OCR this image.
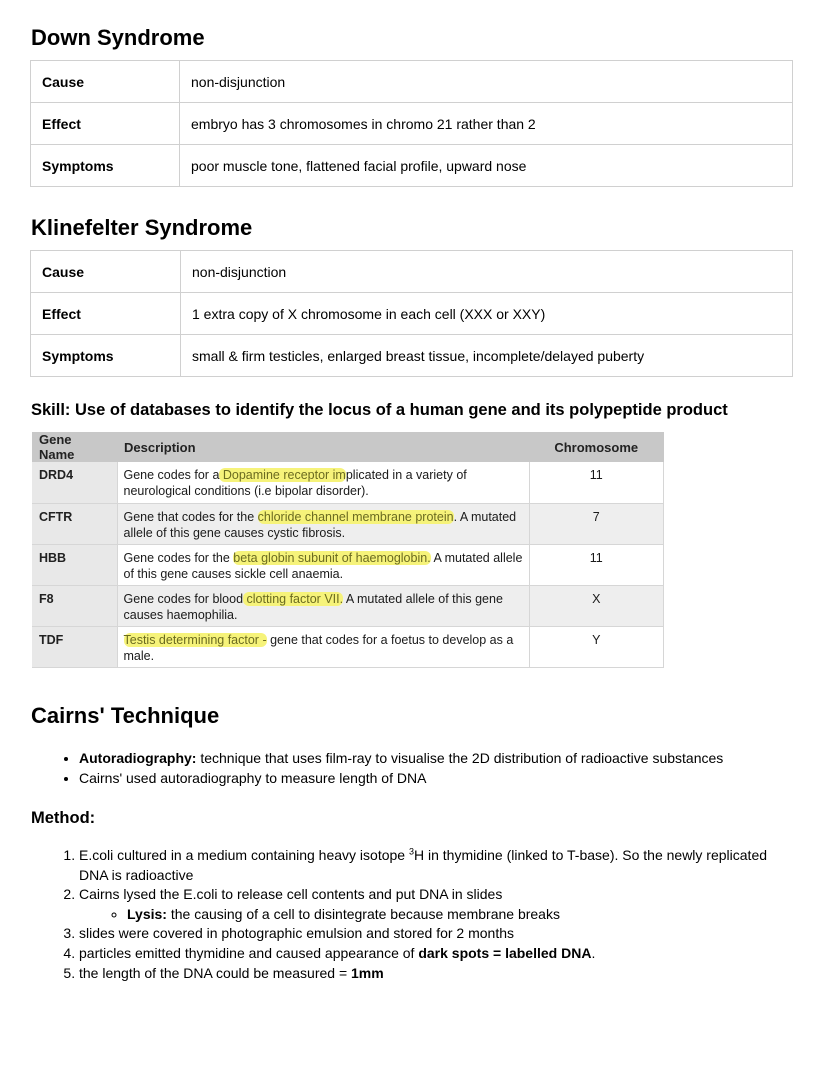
Down Syndrome
Cause	non-disjunction
Effect	embryo has 3 chromosomes in chromo 21 rather than 2
Symptoms	poor muscle tone, flattened facial profile, upward nose
Klinefelter Syndrome
Cause	non-disjunction
Effect	1 extra copy of X chromosome in each cell (XXX or XXY)
Symptoms	small & firm testicles, enlarged breast tissue, incomplete/delayed puberty
Skill: Use of databases to identify the locus of a human gene and its polypeptide product
Gene Name	Description	Chromosome
DRD4	Gene codes for a Dopamine receptor implicated in a variety of neurological conditions (i.e bipolar disorder).	11
CFTR	Gene that codes for the chloride channel membrane protein. A mutated allele of this gene causes cystic fibrosis.	7
HBB	Gene codes for the beta globin subunit of haemoglobin. A mutated allele of this gene causes sickle cell anaemia.	11
F8	Gene codes for blood clotting factor VII. A mutated allele of this gene causes haemophilia.	X
TDF	Testis determining factor - gene that codes for a foetus to develop as a male.	Y
Cairns' Technique
• Autoradiography: technique that uses film-ray to visualise the 2D distribution of radioactive substances
• Cairns' used autoradiography to measure length of DNA
Method:
1. E.coli cultured in a medium containing heavy isotope $^3$H in thymidine (linked to T-base). So the newly replicated DNA is radioactive
2. Cairns lysed the E.coli to release cell contents and put DNA in slides
◦ Lysis: the causing of a cell to disintegrate because membrane breaks
3. slides were covered in photographic emulsion and stored for 2 months
4. particles emitted thymidine and caused appearance of dark spots = labelled DNA.
5. the length of the DNA could be measured = 1mm
